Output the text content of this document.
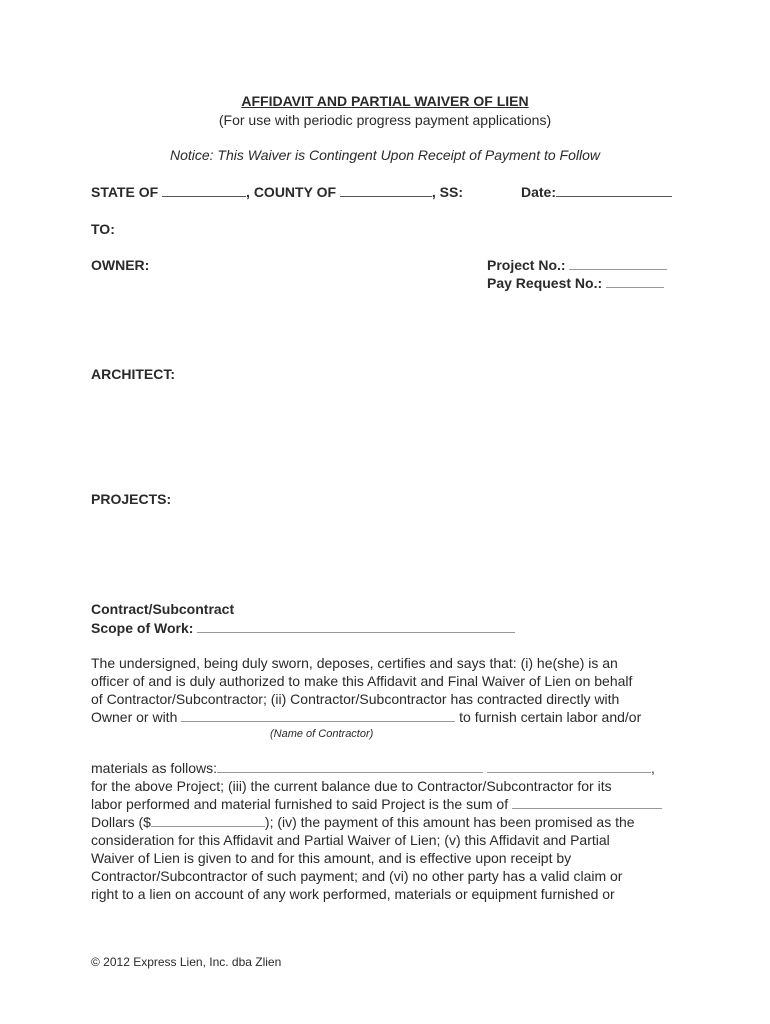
AFFIDAVIT AND PARTIAL WAIVER OF LIEN
(For use with periodic progress payment applications)
Notice: This Waiver is Contingent Upon Receipt of Payment to Follow
STATE OF	, COUNTY OF	, SS:	Date:
TO:
OWNER:	Project No.:
Pay Request No.:
ARCHITECT:
PROJECTS:
Contract/Subcontract
Scope of Work:
The undersigned, being duly sworn, deposes, certifies and says that: (i) he(she) is an
officer of and is duly authorized to make this Affidavit and Final Waiver of Lien on behalf
of Contractor/Subcontractor; (ii) Contractor/Subcontractor has contracted directly with
Owner or with	to furnish certain labor and/or
(Name of Contractor)
materials as follows:	,
for the above Project; (iii) the current balance due to Contractor/Subcontractor for its
labor performed and material furnished to said Project is the sum of
Dollars ($	); (iv) the payment of this amount has been promised as the
consideration for this Affidavit and Partial Waiver of Lien; (v) this Affidavit and Partial
Waiver of Lien is given to and for this amount, and is effective upon receipt by
Contractor/Subcontractor of such payment; and (vi) no other party has a valid claim or
right to a lien on account of any work performed, materials or equipment furnished or
© 2012 Express Lien, Inc. dba Zlien
